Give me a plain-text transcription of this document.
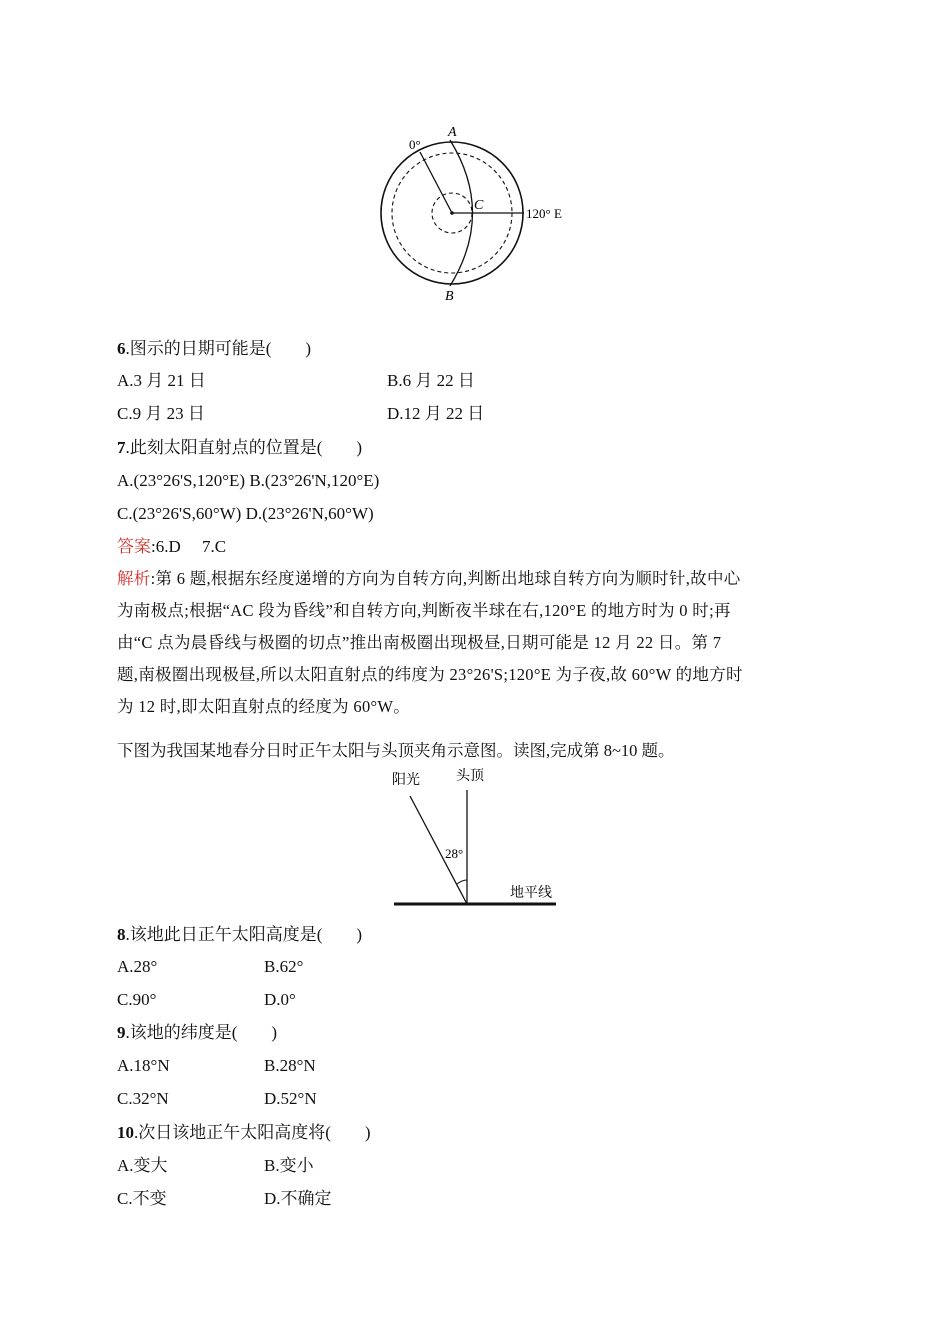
0°
A
B
C
120° E
6.图示的日期可能是(　　)
A.3 月 21 日	B.6 月 22 日
C.9 月 23 日	D.12 月 22 日
7.此刻太阳直射点的位置是(　　)
A.(23°26'S,120°E) B.(23°26'N,120°E)
C.(23°26'S,60°W) D.(23°26'N,60°W)
答案:6.D　 7.C
解析:第 6 题,根据东经度递增的方向为自转方向,判断出地球自转方向为顺时针,故中心
为南极点;根据“AC 段为昏线”和自转方向,判断夜半球在右,120°E 的地方时为 0 时;再
由“C 点为晨昏线与极圈的切点”推出南极圈出现极昼,日期可能是 12 月 22 日。第 7
题,南极圈出现极昼,所以太阳直射点的纬度为 23°26'S;120°E 为子夜,故 60°W 的地方时
为 12 时,即太阳直射点的经度为 60°W。
下图为我国某地春分日时正午太阳与头顶夹角示意图。读图,完成第 8~10 题。
阳光	头顶
28°
地平线
8.该地此日正午太阳高度是(　　)
A.28°	B.62°
C.90°	D.0°
9.该地的纬度是(　　)
A.18°N	B.28°N
C.32°N	D.52°N
10.次日该地正午太阳高度将(　　)
A.变大	B.变小
C.不变	D.不确定
